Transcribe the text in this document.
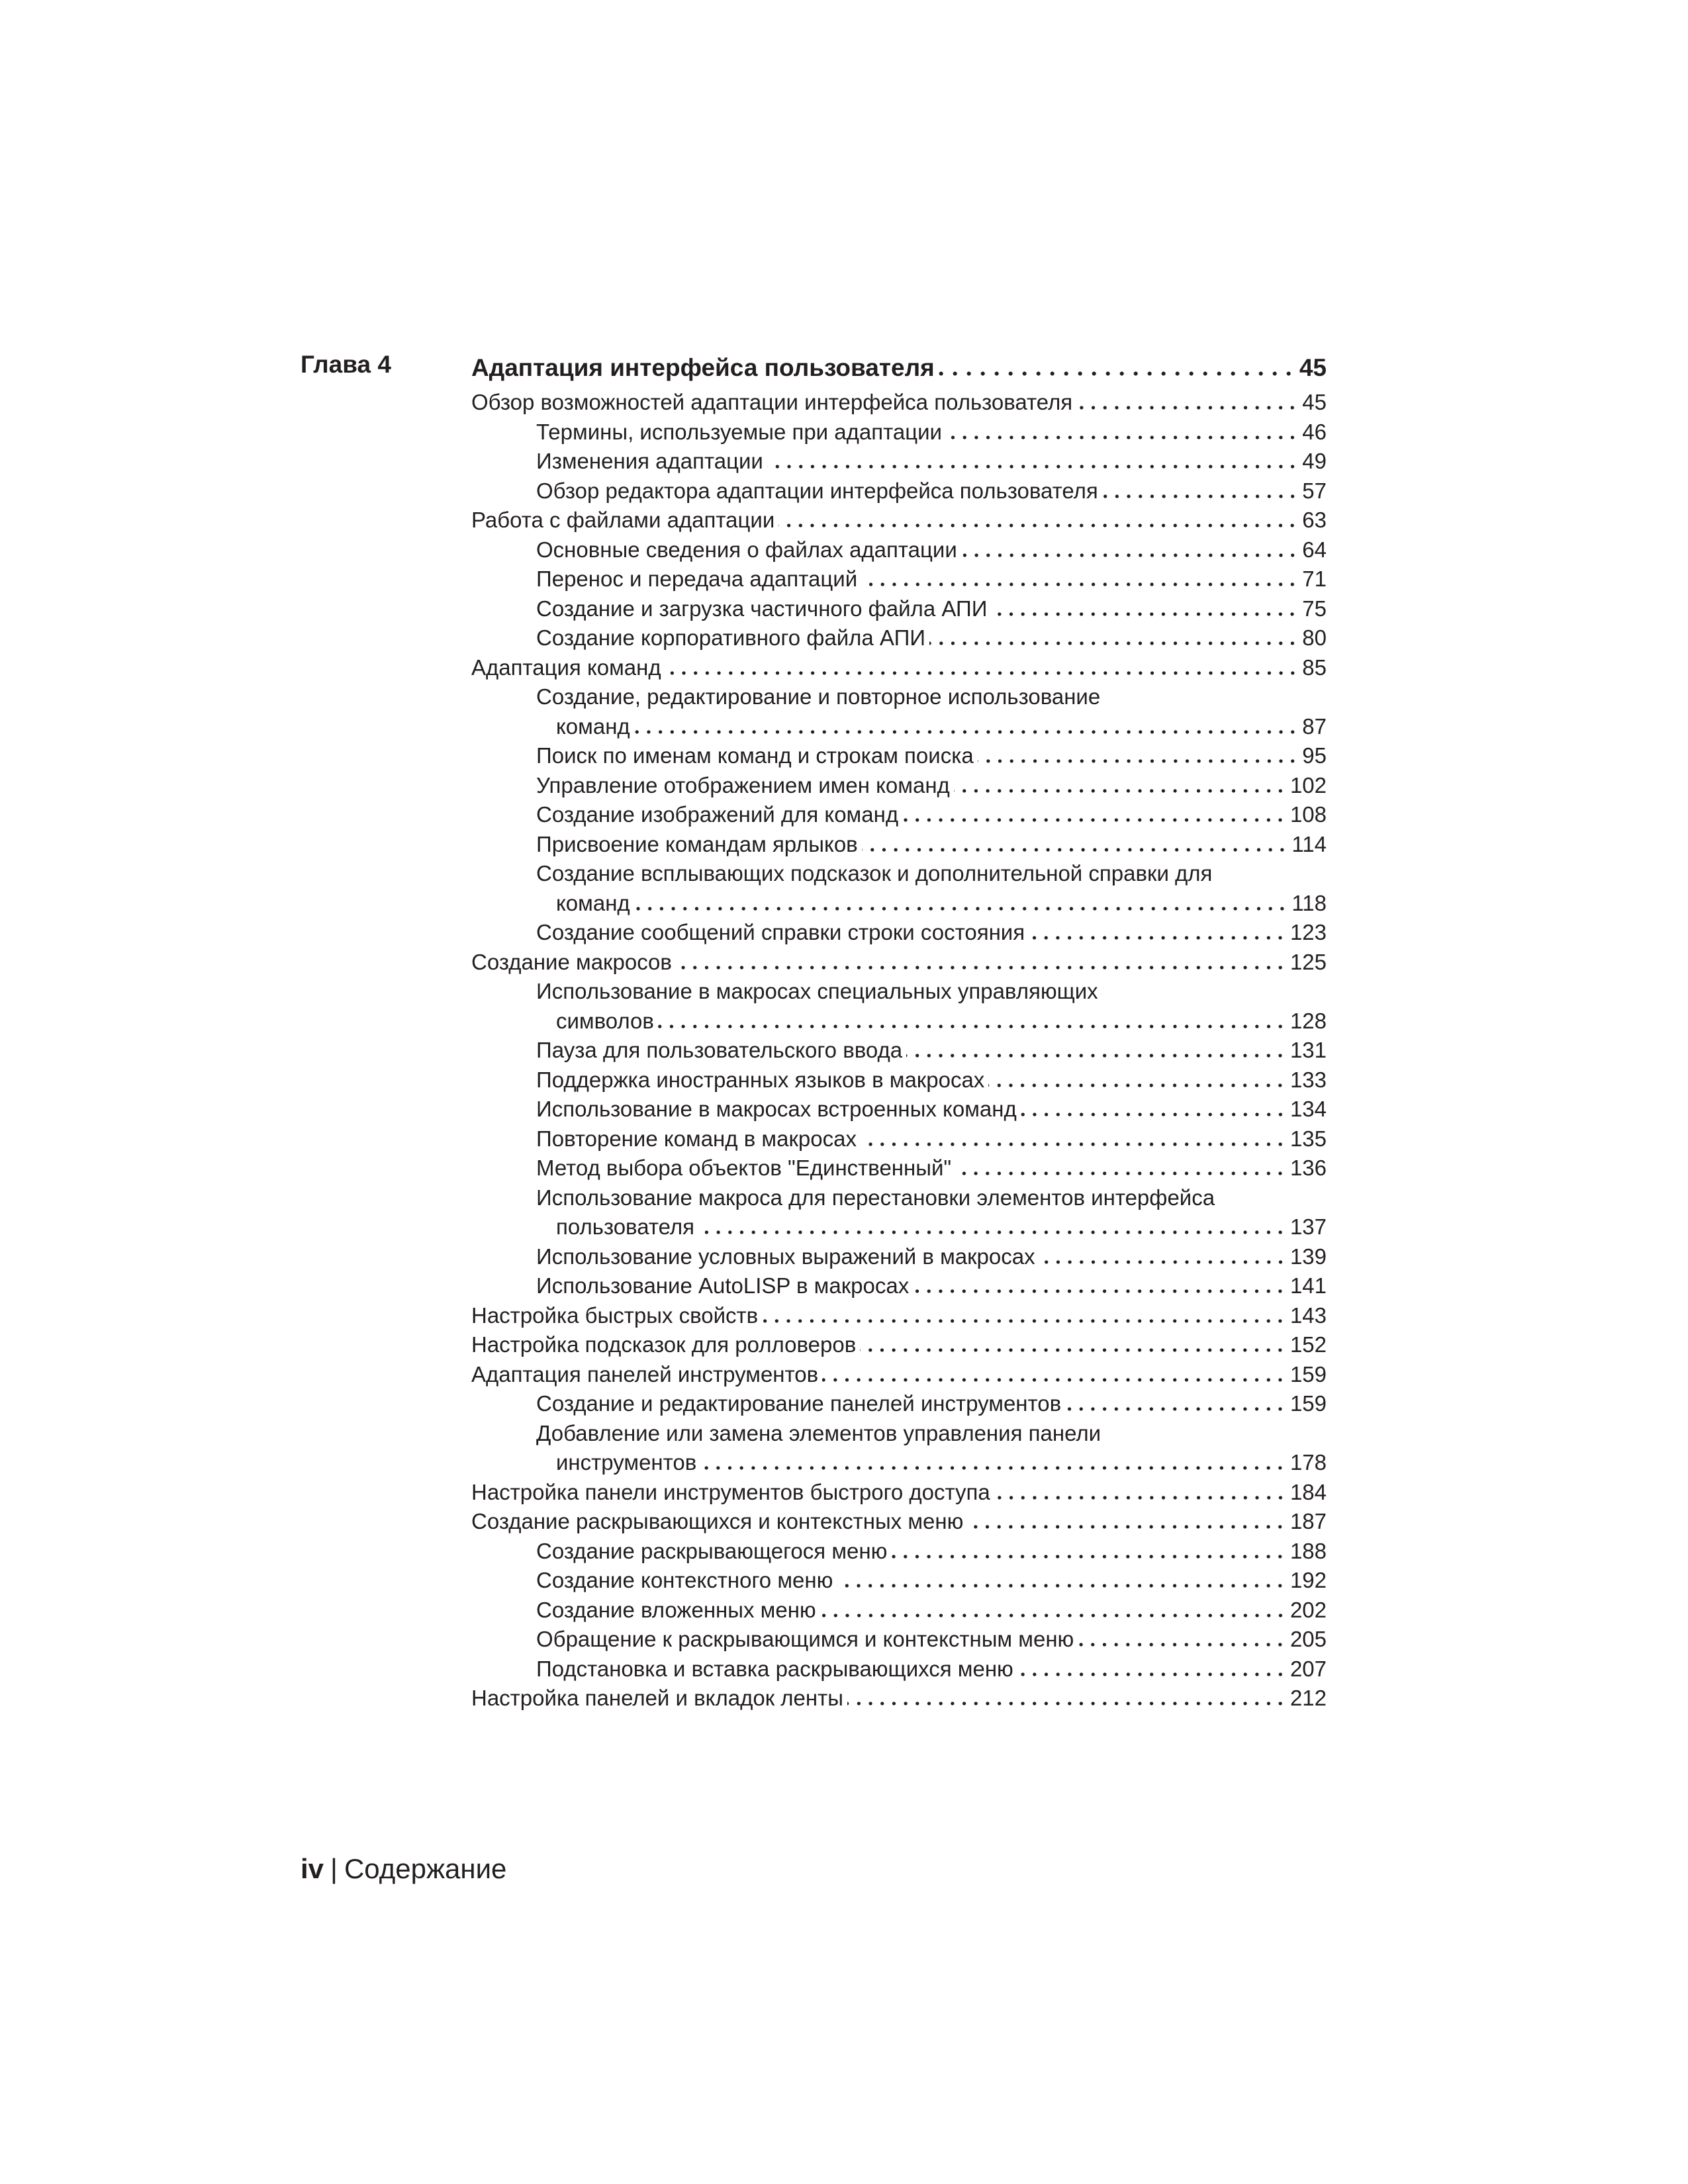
Глава 4	Адаптация интерфейса пользователя	45
Обзор возможностей адаптации интерфейса пользователя	45
Термины, используемые при адаптации	46
Изменения адаптации	49
Обзор редактора адаптации интерфейса пользователя	57
Работа с файлами адаптации	63
Основные сведения о файлах адаптации	64
Перенос и передача адаптаций	71
Создание и загрузка частичного файла АПИ	75
Создание корпоративного файла АПИ	80
Адаптация команд	85
Создание, редактирование и повторное использование
команд	87
Поиск по именам команд и строкам поиска	95
Управление отображением имен команд	102
Создание изображений для команд	108
Присвоение командам ярлыков	114
Создание всплывающих подсказок и дополнительной справки для
команд	118
Создание сообщений справки строки состояния	123
Создание макросов	125
Использование в макросах специальных управляющих
символов	128
Пауза для пользовательского ввода	131
Поддержка иностранных языков в макросах	133
Использование в макросах встроенных команд	134
Повторение команд в макросах	135
Метод выбора объектов "Единственный"	136
Использование макроса для перестановки элементов интерфейса
пользователя	137
Использование условных выражений в макросах	139
Использование AutoLISP в макросах	141
Настройка быстрых свойств	143
Настройка подсказок для ролловеров	152
Адаптация панелей инструментов	159
Создание и редактирование панелей инструментов	159
Добавление или замена элементов управления панели
инструментов	178
Настройка панели инструментов быстрого доступа	184
Создание раскрывающихся и контекстных меню	187
Создание раскрывающегося меню	188
Создание контекстного меню	192
Создание вложенных меню	202
Обращение к раскрывающимся и контекстным меню	205
Подстановка и вставка раскрывающихся меню	207
Настройка панелей и вкладок ленты	212
iv | Содержание
